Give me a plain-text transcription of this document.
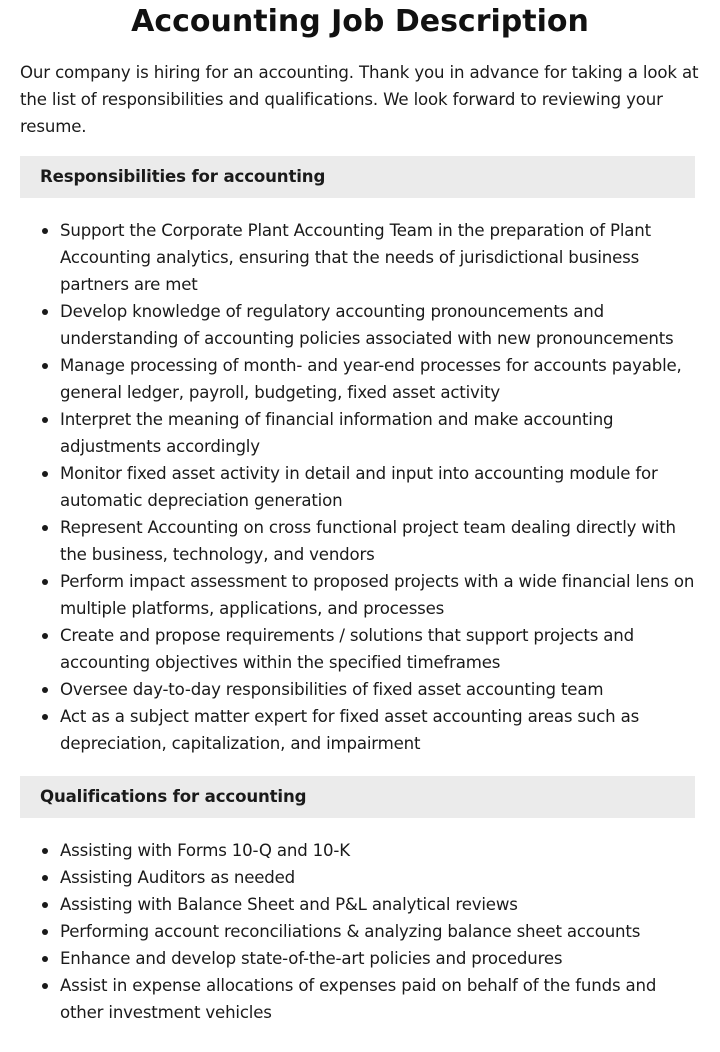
Accounting Job Description

Our company is hiring for an accounting. Thank you in advance for taking a look at the list of responsibilities and qualifications. We look forward to reviewing your resume.

Responsibilities for accounting
Support the Corporate Plant Accounting Team in the preparation of Plant Accounting analytics, ensuring that the needs of jurisdictional business partners are met
Develop knowledge of regulatory accounting pronouncements and understanding of accounting policies associated with new pronouncements
Manage processing of month- and year-end processes for accounts payable, general ledger, payroll, budgeting, fixed asset activity
Interpret the meaning of financial information and make accounting adjustments accordingly
Monitor fixed asset activity in detail and input into accounting module for automatic depreciation generation
Represent Accounting on cross functional project team dealing directly with the business, technology, and vendors
Perform impact assessment to proposed projects with a wide financial lens on multiple platforms, applications, and processes
Create and propose requirements / solutions that support projects and accounting objectives within the specified timeframes
Oversee day-to-day responsibilities of fixed asset accounting team
Act as a subject matter expert for fixed asset accounting areas such as depreciation, capitalization, and impairment
Qualifications for accounting
Assisting with Forms 10-Q and 10-K
Assisting Auditors as needed
Assisting with Balance Sheet and P&L analytical reviews
Performing account reconciliations & analyzing balance sheet accounts
Enhance and develop state-of-the-art policies and procedures
Assist in expense allocations of expenses paid on behalf of the funds and other investment vehicles
